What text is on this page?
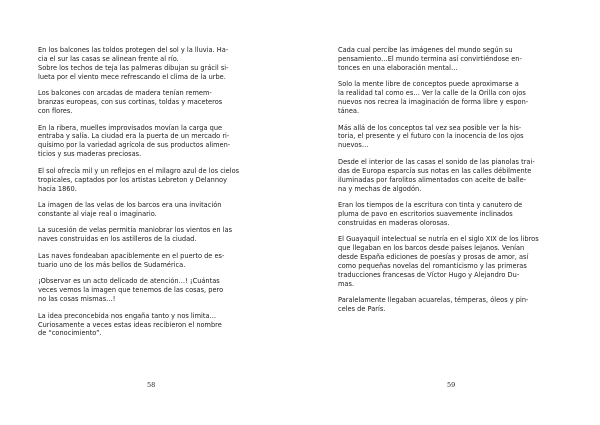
En los balcones las toldos protegen del sol y la lluvia. Ha-
cia el sur las casas se alinean frente al río.
Sobre los techos de teja las palmeras dibujan su grácil si-
lueta por el viento mece refrescando el clima de la urbe.

Los balcones con arcadas de madera tenían remem-
branzas europeas, con sus cortinas, toldas y maceteros
con flores.

En la ribera, muelles improvisados movían la carga que
entraba y salía. La ciudad era la puerta de un mercado ri-
quísimo por la variedad agrícola de sus productos alimen-
ticios y sus maderas preciosas.

El sol ofrecía mil y un reflejos en el milagro azul de los cielos
tropicales, captados por los artistas Lebreton y Delannoy
hacia 1860.

La imagen de las velas de los barcos era una invitación
constante al viaje real o imaginario.

La sucesión de velas permitía maniobrar los vientos en las
naves construidas en los astilleros de la ciudad.

Las naves fondeaban apaciblemente en el puerto de es-
tuario uno de los más bellos de Sudamérica.

¡Observar es un acto delicado de atención…! ¡Cuántas
veces vemos la imagen que tenemos de las cosas, pero
no las cosas mismas…!

La idea preconcebida nos engaña tanto y nos limita…
Curiosamente a veces estas ideas recibieron el nombre
de “conocimiento”.

58

Cada cual percibe las imágenes del mundo según su
pensamiento…El mundo termina así convirtiéndose en-
tonces en una elaboración mental…

Solo la mente libre de conceptos puede aproximarse a
la realidad tal como es… Ver la calle de la Orilla con ojos
nuevos nos recrea la imaginación de forma libre y espon-
tánea.

Más allá de los conceptos tal vez sea posible ver la his-
toria, el presente y el futuro con la inocencia de los ojos
nuevos…

Desde el interior de las casas el sonido de las pianolas trai-
das de Europa esparcía sus notas en las calles débilmente
iluminadas por farolitos alimentados con aceite de balle-
na y mechas de algodón.

Eran los tiempos de la escritura con tinta y canutero de
pluma de pavo en escritorios suavemente inclinados
construidas en maderas olorosas.

El Guayaquil intelectual se nutría en el siglo XIX de los libros
que llegaban en los barcos desde países lejanos. Venían
desde España ediciones de poesías y prosas de amor, así
como pequeñas novelas del romanticismo y las primeras
traducciones francesas de Víctor Hugo y Alejandro Du-
mas.

Paralelamente llegaban acuarelas, témperas, óleos y pin-
celes de París.

59
